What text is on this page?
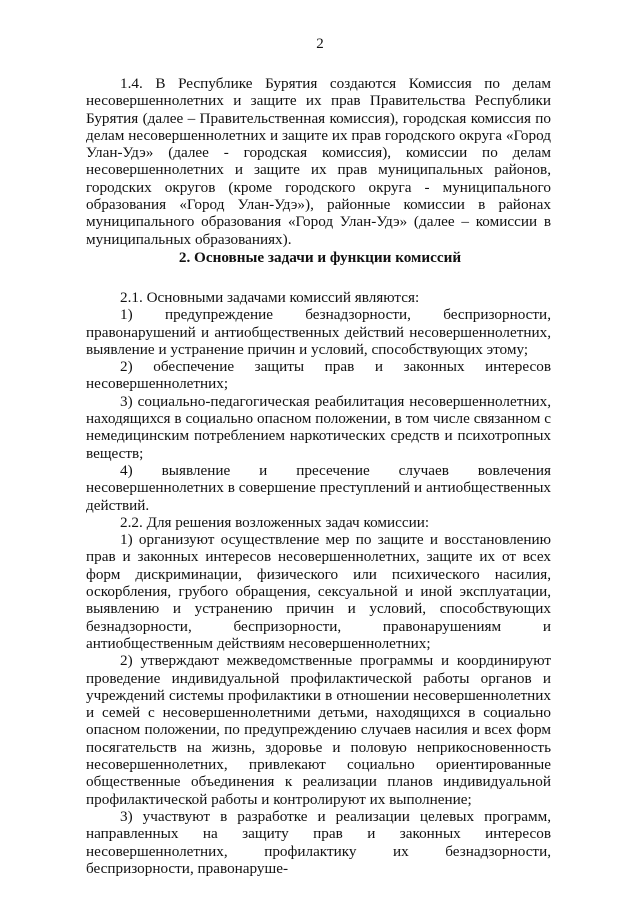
2

1.4. В Республике Бурятия создаются Комиссия по делам несовершеннолетних и защите их прав Правительства Республики Бурятия (далее – Правительственная комиссия), городская комиссия по делам несовершеннолетних и защите их прав городского округа «Город Улан-Удэ» (далее - городская комиссия), комиссии по делам несовершеннолетних и защите их прав муниципальных районов, городских округов (кроме городского округа - муниципального образования «Город Улан-Удэ»), районные комиссии в районах муниципального образования «Город Улан-Удэ» (далее – комиссии в муниципальных образованиях).

2. Основные задачи и функции комиссий

2.1. Основными задачами комиссий являются:

1) предупреждение безнадзорности, беспризорности, правонарушений и антиобщественных действий несовершеннолетних, выявление и устранение причин и условий, способствующих этому;

2) обеспечение защиты прав и законных интересов несовершеннолетних;

3) социально-педагогическая реабилитация несовершеннолетних, находящихся в социально опасном положении, в том числе связанном с немедицинским потреблением наркотических средств и психотропных веществ;

4) выявление и пресечение случаев вовлечения несовершеннолетних в совершение преступлений и антиобщественных действий.

2.2. Для решения возложенных задач комиссии:

1) организуют осуществление мер по защите и восстановлению прав и законных интересов несовершеннолетних, защите их от всех форм дискриминации, физического или психического насилия, оскорбления, грубого обращения, сексуальной и иной эксплуатации, выявлению и устранению причин и условий, способствующих безнадзорности, беспризорности, правонарушениям и антиобщественным действиям несовершеннолетних;

2) утверждают межведомственные программы и координируют проведение индивидуальной профилактической работы органов и учреждений системы профилактики в отношении несовершеннолетних и семей с несовершеннолетними детьми, находящихся в социально опасном положении, по предупреждению случаев насилия и всех форм посягательств на жизнь, здоровье и половую неприкосновенность несовершеннолетних, привлекают социально ориентированные общественные объединения к реализации планов индивидуальной профилактической работы и контролируют их выполнение;

3) участвуют в разработке и реализации целевых программ, направленных на защиту прав и законных интересов несовершеннолетних, профилактику их безнадзорности, беспризорности, правонаруше-
